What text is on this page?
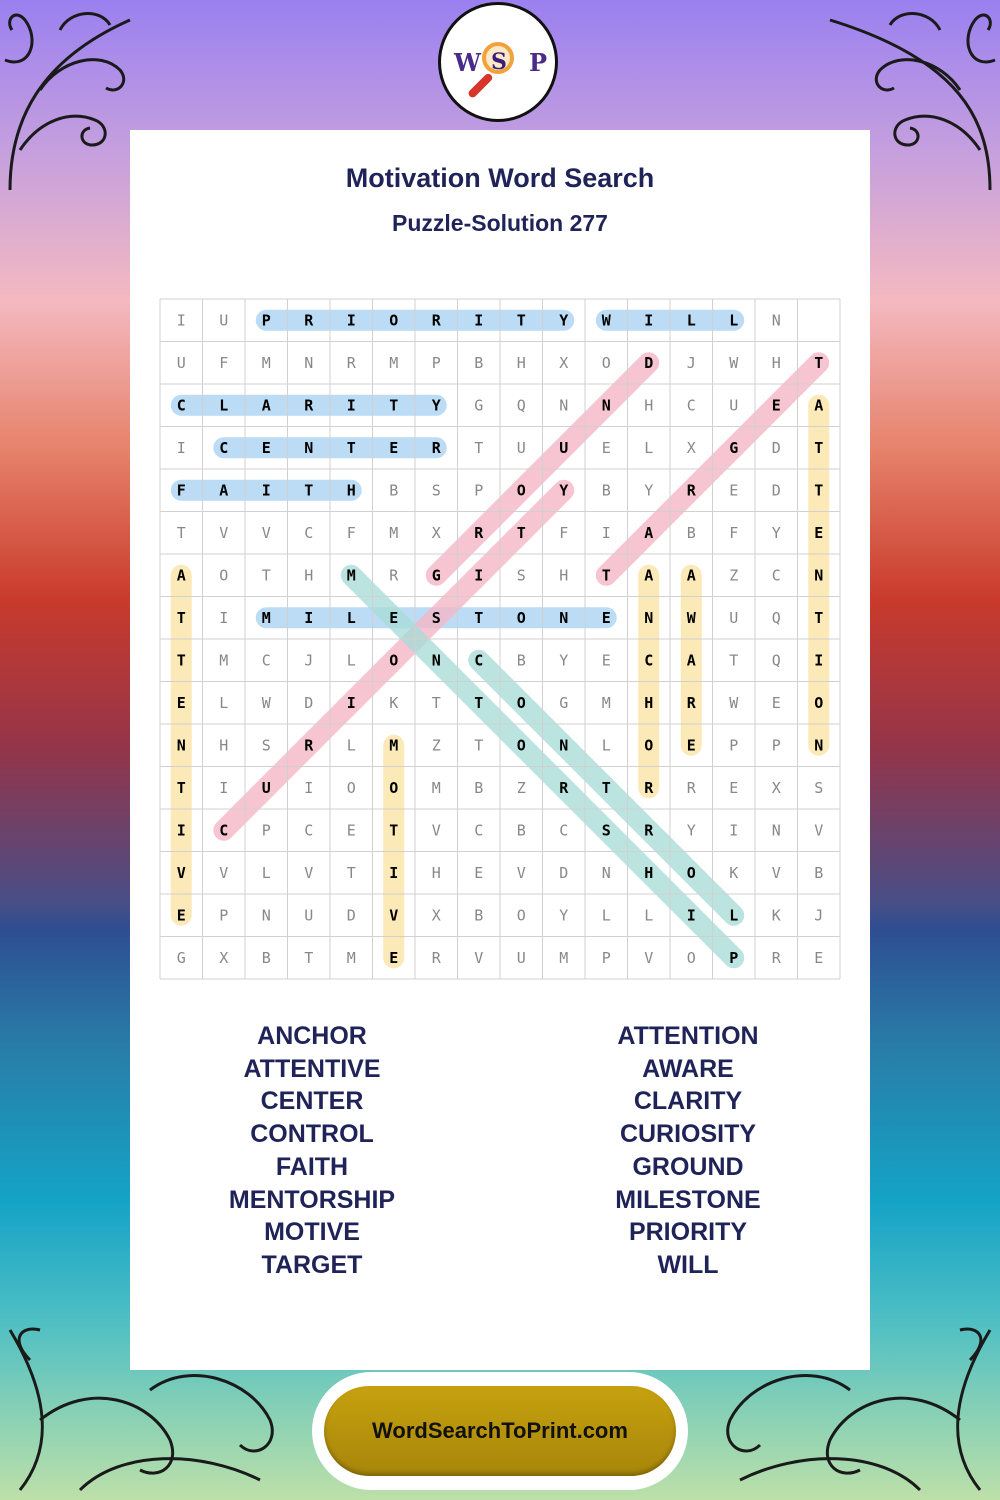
W S P
Motivation Word Search
Puzzle-Solution 277
I U P R I O R I T Y W I L L N
U F M N R M P B H X O D J W H T
C L A R I T Y G Q N N H C U E A
I C E N T E R T U U E L X G D T
F A I T H B S P O Y B Y R E D T
T V V C F M X R T F I A B F Y E
A O T H M R G I S H T A A Z C N
T I M I L E S T O N E N W U Q T
T M C J L O N C B Y E C A T Q I
E L W D I K T T O G M H R W E O
N H S R L M Z T O N L O E P P N
T I U I O O M B Z R T R R E X S
I C P C E T V C B C S R Y I N V
V V L V T I H E V D N H O K V B
E P N U D V X B O Y L L I L K J
G X B T M E R V U M P V O P R E
ANCHOR
ATTENTIVE
CENTER
CONTROL
FAITH
MENTORSHIP
MOTIVE
TARGET
ATTENTION
AWARE
CLARITY
CURIOSITY
GROUND
MILESTONE
PRIORITY
WILL
WordSearchToPrint.com
